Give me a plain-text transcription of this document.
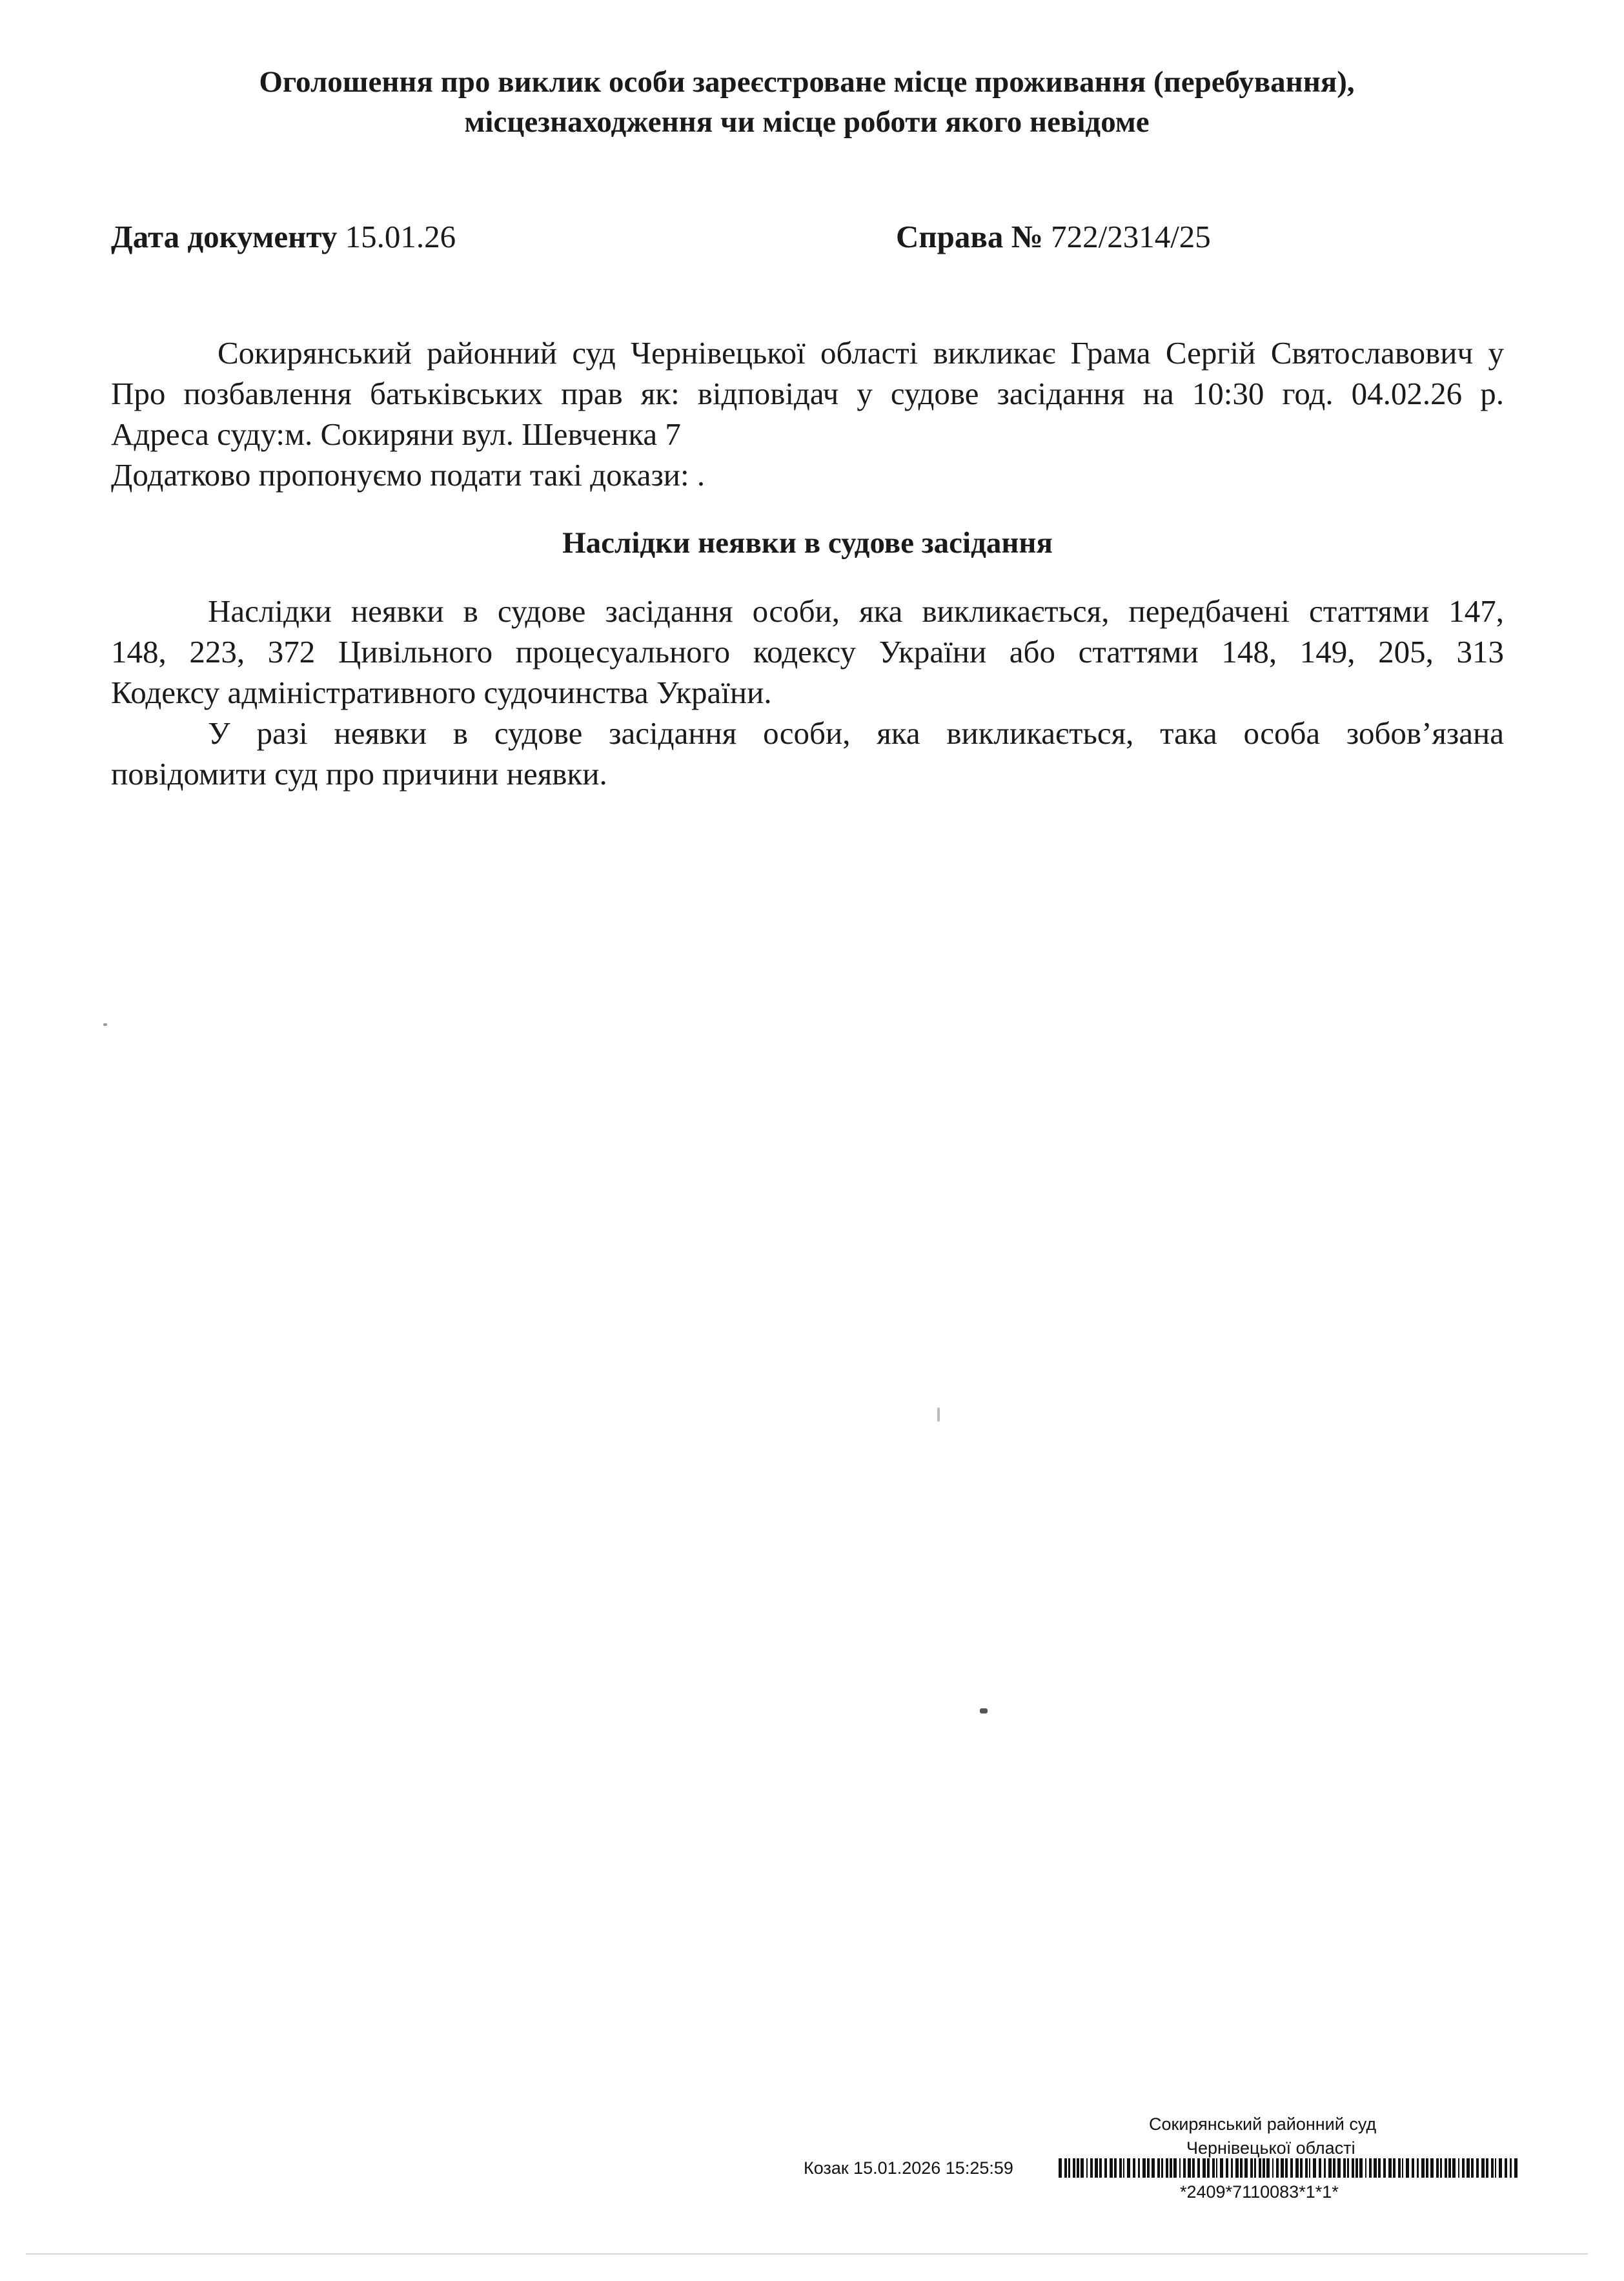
Оголошення про виклик особи зареєстроване місце проживання (перебування),
місцезнаходження чи місце роботи якого невідоме
Дата документу 15.01.26	Справа № 722/2314/25
Сокирянський районний суд Чернівецької області викликає Грама Сергій Святославович у
Про позбавлення батьківських прав як: відповідач у судове засідання на 10:30 год. 04.02.26 р.
Адреса суду:м. Сокиряни вул. Шевченка 7
Додатково пропонуємо подати такі докази: .
Наслідки неявки в судове засідання
Наслідки неявки в судове засідання особи, яка викликається, передбачені статтями 147,
148, 223, 372 Цивільного процесуального кодексу України або статтями 148, 149, 205, 313
Кодексу адміністративного судочинства України.
У разі неявки в судове засідання особи, яка викликається, така особа зобов’язана
повідомити суд про причини неявки.
Сокирянський районний суд
Чернівецької області
Козак 15.01.2026 15:25:59
*2409*7110083*1*1*
